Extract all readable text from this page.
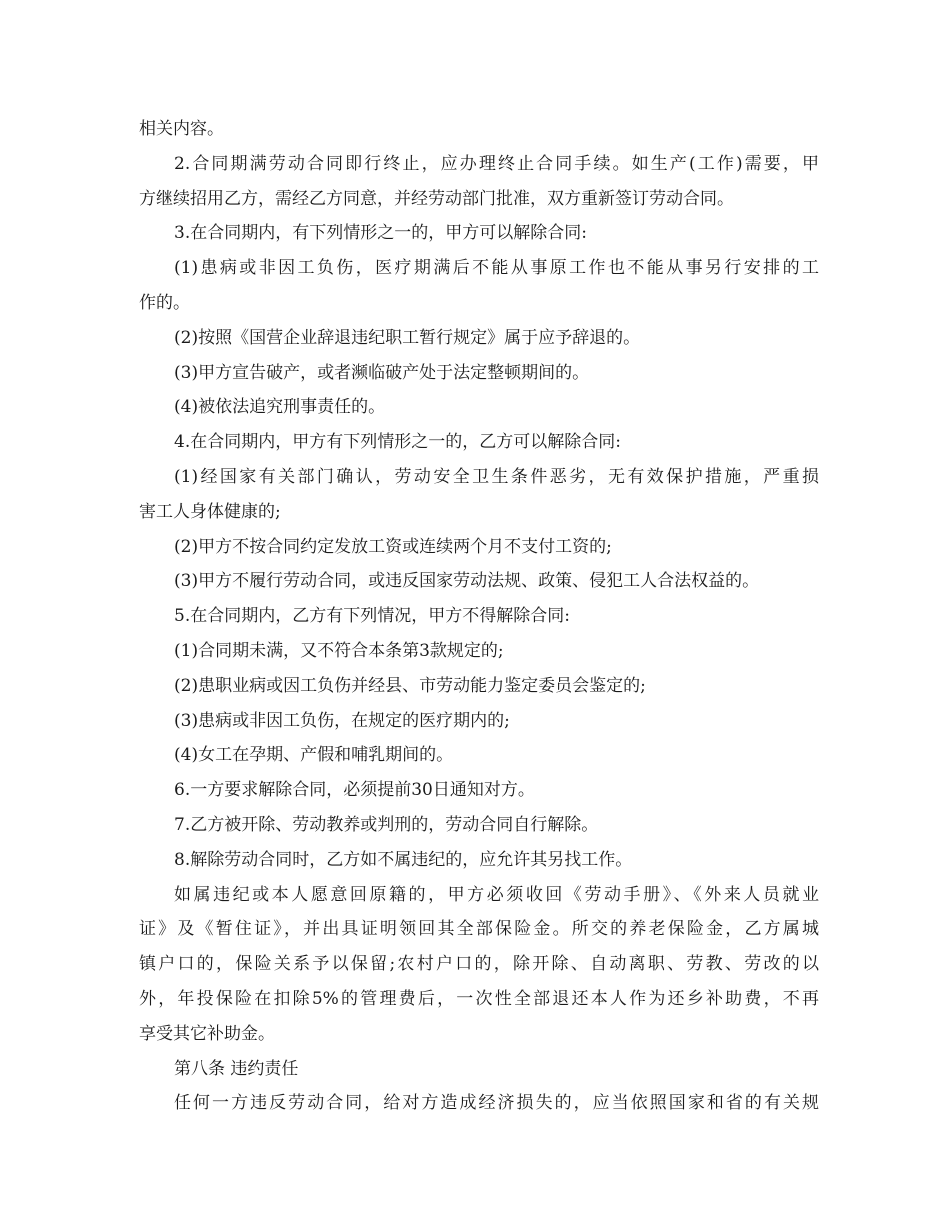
相关内容。
2.合同期满劳动合同即行终止，应办理终止合同手续。如生产(工作)需要，甲
方继续招用乙方，需经乙方同意，并经劳动部门批准，双方重新签订劳动合同。
3.在合同期内，有下列情形之一的，甲方可以解除合同:
(1)患病或非因工负伤，医疗期满后不能从事原工作也不能从事另行安排的工
作的。
(2)按照《国营企业辞退违纪职工暂行规定》属于应予辞退的。
(3)甲方宣告破产，或者濒临破产处于法定整顿期间的。
(4)被依法追究刑事责任的。
4.在合同期内，甲方有下列情形之一的，乙方可以解除合同:
(1)经国家有关部门确认，劳动安全卫生条件恶劣，无有效保护措施，严重损
害工人身体健康的;
(2)甲方不按合同约定发放工资或连续两个月不支付工资的;
(3)甲方不履行劳动合同，或违反国家劳动法规、政策、侵犯工人合法权益的。
5.在合同期内，乙方有下列情况，甲方不得解除合同:
(1)合同期未满，又不符合本条第3款规定的;
(2)患职业病或因工负伤并经县、市劳动能力鉴定委员会鉴定的;
(3)患病或非因工负伤，在规定的医疗期内的;
(4)女工在孕期、产假和哺乳期间的。
6.一方要求解除合同，必须提前30日通知对方。
7.乙方被开除、劳动教养或判刑的，劳动合同自行解除。
8.解除劳动合同时，乙方如不属违纪的，应允许其另找工作。
如属违纪或本人愿意回原籍的，甲方必须收回《劳动手册》、《外来人员就业
证》及《暂住证》，并出具证明领回其全部保险金。所交的养老保险金，乙方属城
镇户口的，保险关系予以保留;农村户口的，除开除、自动离职、劳教、劳改的以
外，年投保险在扣除5%的管理费后，一次性全部退还本人作为还乡补助费，不再
享受其它补助金。
第八条 违约责任
任何一方违反劳动合同，给对方造成经济损失的，应当依照国家和省的有关规
